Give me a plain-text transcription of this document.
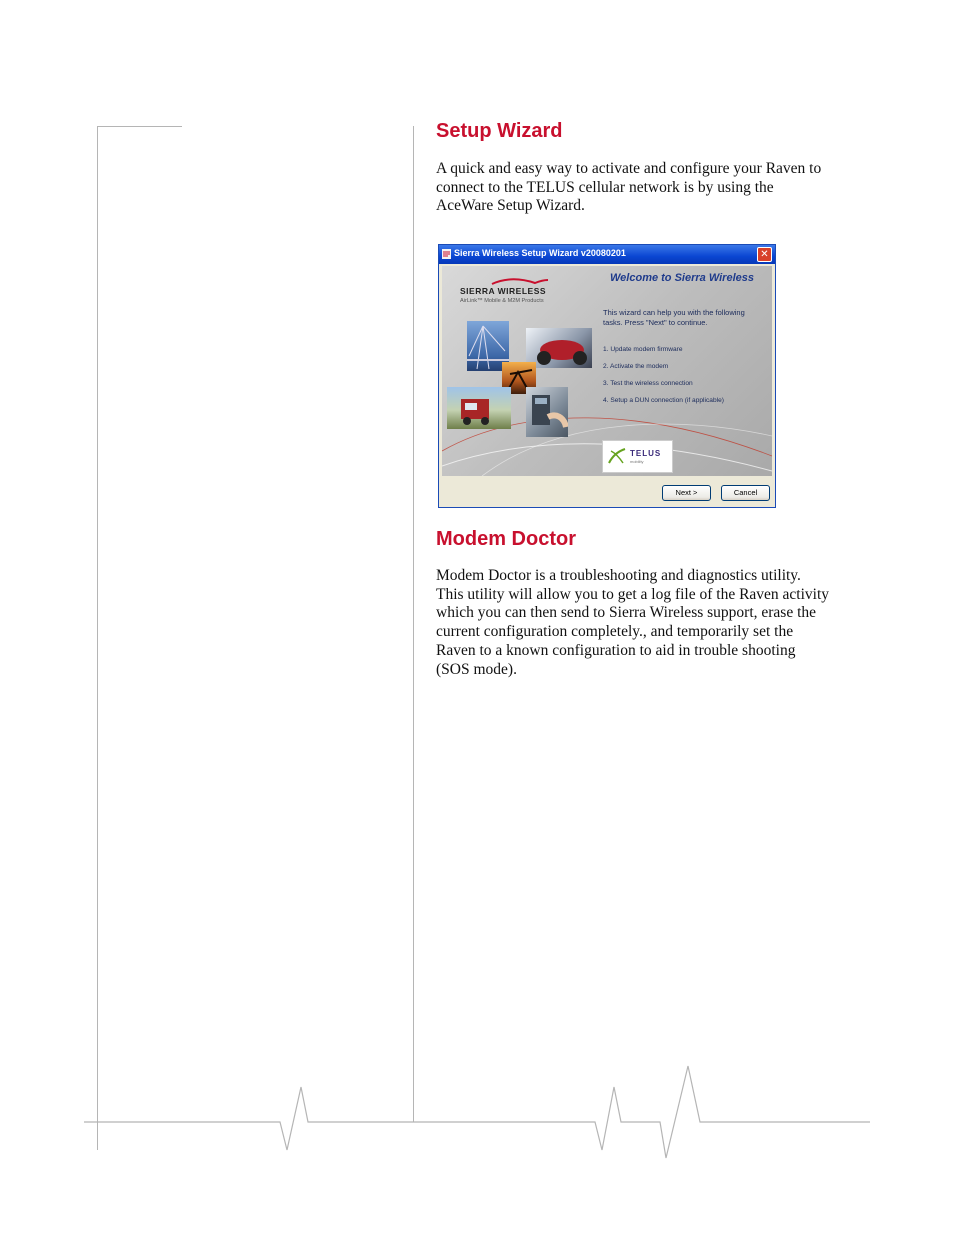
Setup Wizard

A quick and easy way to activate and configure your Raven to
connect to the TELUS cellular network is by using the
AceWare Setup Wizard.

Sierra Wireless Setup Wizard v20080201	✕
SIERRA WIRELESS
AirLink™ Mobile & M2M Products
Welcome to Sierra Wireless
This wizard can help you with the following tasks. Press "Next" to continue.
1. Update modem firmware
2. Activate the modem
3. Test the wireless connection
4. Setup a DUN connection (if applicable)
TELUS
mobility
Next >	Cancel
Modem Doctor

Modem Doctor is a troubleshooting and diagnostics utility.
This utility will allow you to get a log file of the Raven activity
which you can then send to Sierra Wireless support, erase the
current configuration completely., and temporarily set the
Raven to a known configuration to aid in trouble shooting
(SOS mode).
